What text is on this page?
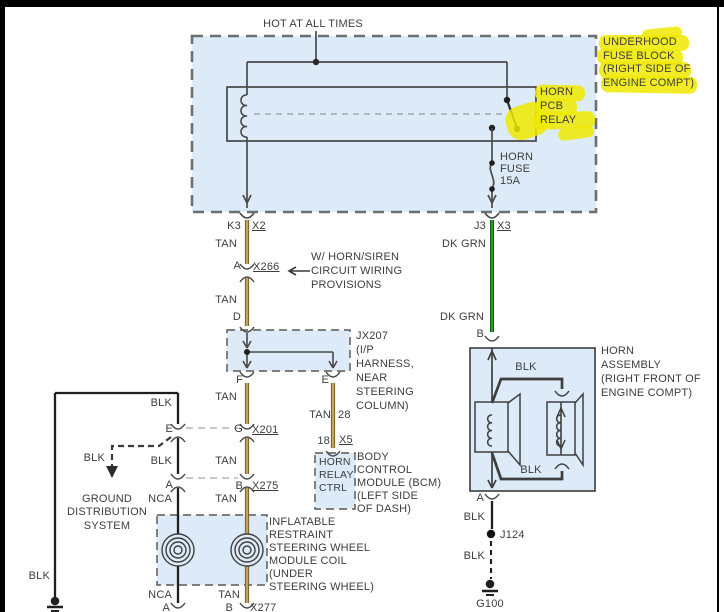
HOT AT ALL TIMES
UNDERHOOD
FUSE BLOCK
(RIGHT SIDE OF
ENGINE COMPT)
HORN
PCB
RELAY
HORN
FUSE
15A
K3 X2	J3 X3
TAN
A X266
W/ HORN/SIREN
CIRCUIT WIRING
PROVISIONS
TAN
D
JX207
(I/P
HARNESS,
NEAR
STEERING
COLUMN)
F	E
TAN
TAN 28
18 X5
HORN
RELAY
CTRL
BODY
CONTROL
MODULE (BCM)
(LEFT SIDE
OF DASH)
BLK
E	G X201
BLK	BLK	TAN
A	B X275
NCA	TAN
GROUND
DISTRIBUTION
SYSTEM	INFLATABLE
RESTRAINT
STEERING WHEEL
MODULE COIL
(UNDER
STEERING WHEEL)
NCA	TAN
A	B X277
BLK
DK GRN
DK GRN
B
HORN
ASSEMBLY
(RIGHT FRONT OF
ENGINE COMPT)
BLK
BLK
A
BLK
J124
BLK
G100
